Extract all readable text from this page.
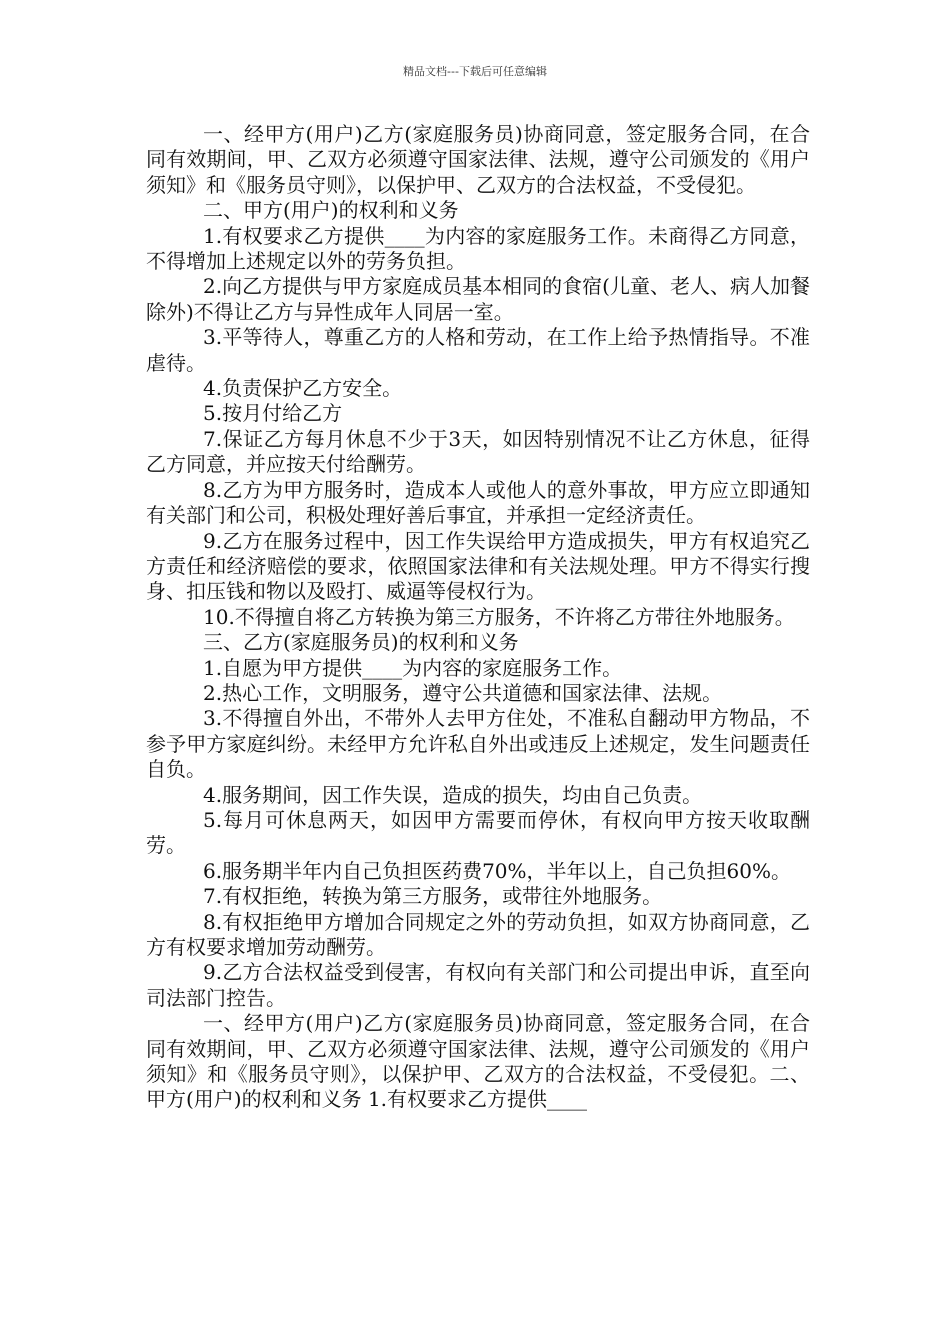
精品文档---下载后可任意编辑

一、经甲方(用户)乙方(家庭服务员)协商同意，签定服务合同，在合同有效期间，甲、乙双方必须遵守国家法律、法规，遵守公司颁发的《用户须知》和《服务员守则》，以保护甲、乙双方的合法权益，不受侵犯。

二、甲方(用户)的权利和义务

1.有权要求乙方提供____为内容的家庭服务工作。未商得乙方同意，不得增加上述规定以外的劳务负担。

2.向乙方提供与甲方家庭成员基本相同的食宿(儿童、老人、病人加餐除外)不得让乙方与异性成年人同居一室。

3.平等待人，尊重乙方的人格和劳动，在工作上给予热情指导。不准虐待。

4.负责保护乙方安全。

5.按月付给乙方

7.保证乙方每月休息不少于3天，如因特别情况不让乙方休息，征得乙方同意，并应按天付给酬劳。

8.乙方为甲方服务时，造成本人或他人的意外事故，甲方应立即通知有关部门和公司，积极处理好善后事宜，并承担一定经济责任。

9.乙方在服务过程中，因工作失误给甲方造成损失，甲方有权追究乙方责任和经济赔偿的要求，依照国家法律和有关法规处理。甲方不得实行搜身、扣压钱和物以及殴打、威逼等侵权行为。

10.不得擅自将乙方转换为第三方服务，不许将乙方带往外地服务。

三、乙方(家庭服务员)的权利和义务

1.自愿为甲方提供____为内容的家庭服务工作。

2.热心工作，文明服务，遵守公共道德和国家法律、法规。

3.不得擅自外出，不带外人去甲方住处，不准私自翻动甲方物品，不参予甲方家庭纠纷。未经甲方允许私自外出或违反上述规定，发生问题责任自负。

4.服务期间，因工作失误，造成的损失，均由自己负责。

5.每月可休息两天，如因甲方需要而停休，有权向甲方按天收取酬劳。

6.服务期半年内自己负担医药费70%，半年以上，自己负担60%。

7.有权拒绝，转换为第三方服务，或带往外地服务。

8.有权拒绝甲方增加合同规定之外的劳动负担，如双方协商同意，乙方有权要求增加劳动酬劳。

9.乙方合法权益受到侵害，有权向有关部门和公司提出申诉，直至向司法部门控告。

一、经甲方(用户)乙方(家庭服务员)协商同意，签定服务合同，在合同有效期间，甲、乙双方必须遵守国家法律、法规，遵守公司颁发的《用户须知》和《服务员守则》，以保护甲、乙双方的合法权益，不受侵犯。二、甲方(用户)的权利和义务 1.有权要求乙方提供____
